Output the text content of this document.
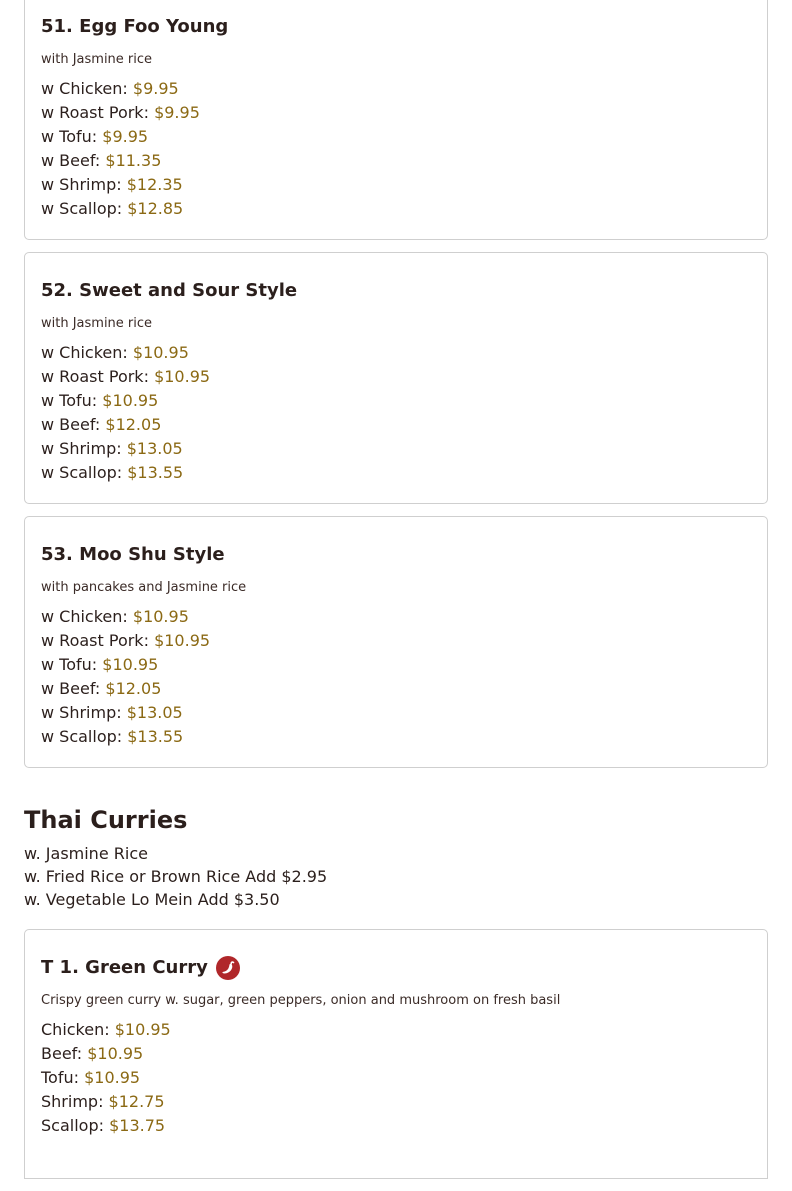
51. Egg Foo Young

with Jasmine rice

w Chicken: $9.95

w Roast Pork: $9.95

w Tofu: $9.95

w Beef: $11.35

w Shrimp: $12.35

w Scallop: $12.85

52. Sweet and Sour Style

with Jasmine rice

w Chicken: $10.95

w Roast Pork: $10.95

w Tofu: $10.95

w Beef: $12.05

w Shrimp: $13.05

w Scallop: $13.55

53. Moo Shu Style

with pancakes and Jasmine rice

w Chicken: $10.95

w Roast Pork: $10.95

w Tofu: $10.95

w Beef: $12.05

w Shrimp: $13.05

w Scallop: $13.55

Thai Curries

w. Jasmine Rice

w. Fried Rice or Brown Rice Add $2.95

w. Vegetable Lo Mein Add $3.50

T 1. Green Curry

Crispy green curry w. sugar, green peppers, onion and mushroom on fresh basil

Chicken: $10.95

Beef: $10.95

Tofu: $10.95

Shrimp: $12.75

Scallop: $13.75
